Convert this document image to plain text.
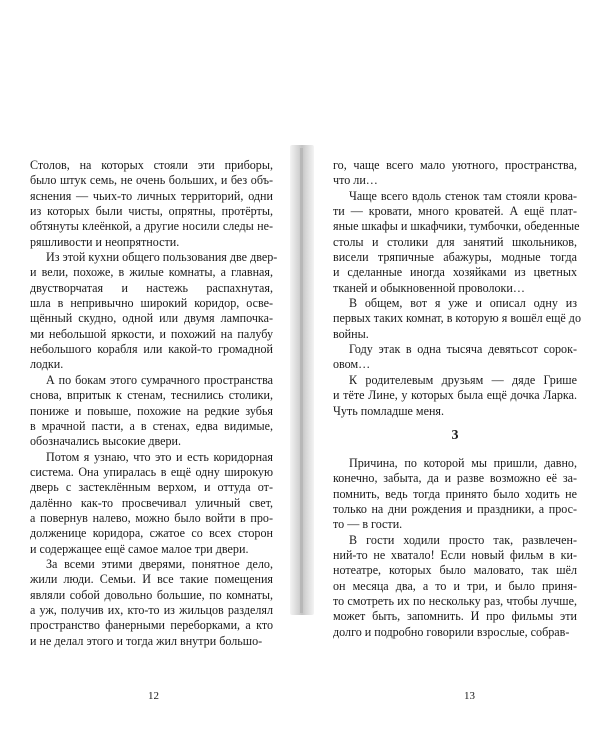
Столов, на которых стояли эти приборы,
было штук семь, не очень больших, и без объ-
яснения — чьих-то личных территорий, одни
из которых были чисты, опрятны, протёрты,
обтянуты клеёнкой, а другие носили следы не-
ряшливости и неопрятности.
Из этой кухни общего пользования две двер-
и вели, похоже, в жилые комнаты, а главная,
двустворчатая и настежь распахнутая,
шла в непривычно широкий коридор, осве-
щённый скудно, одной или двумя лампочка-
ми небольшой яркости, и похожий на палубу
небольшого корабля или какой-то громадной
лодки.
А по бокам этого сумрачного пространства
снова, впритык к стенам, теснились столики,
пониже и повыше, похожие на редкие зубья
в мрачной пасти, а в стенах, едва видимые,
обозначались высокие двери.
Потом я узнаю, что это и есть коридорная
система. Она упиралась в ещё одну широкую
дверь с застеклённым верхом, и оттуда от-
далённо как-то просвечивал уличный свет,
а повернув налево, можно было войти в про-
долженице коридора, сжатое со всех сторон
и содержащее ещё самое малое три двери.
За всеми этими дверями, понятное дело,
жили люди. Семьи. И все такие помещения
являли собой довольно большие, по комнаты,
а уж, получив их, кто-то из жильцов разделял
пространство фанерными переборками, а кто
и не делал этого и тогда жил внутри большо-
12
го, чаще всего мало уютного, пространства,
что ли…
Чаще всего вдоль стенок там стояли крова-
ти — кровати, много кроватей. А ещё плат-
яные шкафы и шкафчики, тумбочки, обеденные
столы и столики для занятий школьников,
висели тряпичные абажуры, модные тогда
и сделанные иногда хозяйками из цветных
тканей и обыкновенной проволоки…
В общем, вот я уже и описал одну из
первых таких комнат, в которую я вошёл ещё до
войны.
Году этак в одна тысяча девятьсот сорок-
овом…
К родителевым друзьям — дяде Грише
и тёте Лине, у которых была ещё дочка Ларка.
Чуть помладше меня.
3
Причина, по которой мы пришли, давно,
конечно, забыта, да и разве возможно её за-
помнить, ведь тогда принято было ходить не
только на дни рождения и праздники, а прос-
то — в гости.
В гости ходили просто так, развлечен-
ний-то не хватало! Если новый фильм в ки-
нотеатре, которых было маловато, так шёл
он месяца два, а то и три, и было приня-
то смотреть их по нескольку раз, чтобы лучше,
может быть, запомнить. И про фильмы эти
долго и подробно говорили взрослые, собрав-
13
